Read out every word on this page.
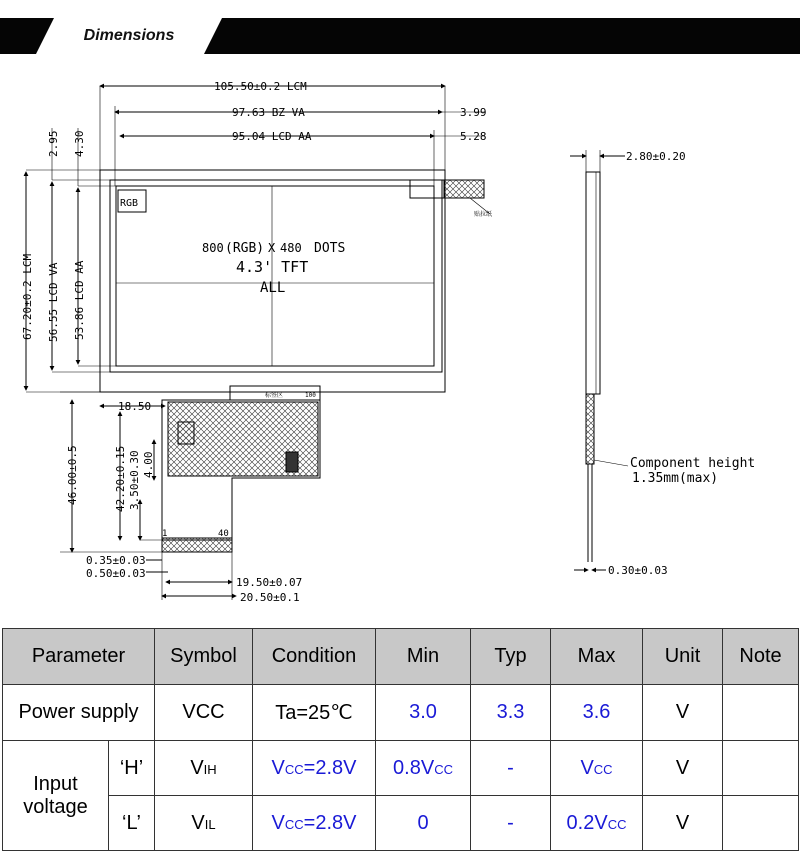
Dimensions
105.50±0.2 LCM
97.63 BZ VA	3.99
95.04 LCD AA	5.28
2.95 4.30
67.20±0.2 LCM 56.55 LCD VA 53.86 LCD AA
RGB
800 (RGB) X 480 DOTS
4.3' TFT
ALL
贴拉纸
标签区	100
18.50
46.00±0.5	42.20±0.15 3.50±0.30 4.00
1	40
0.35±0.03
0.50±0.03
19.50±0.07
20.50±0.1
2.80±0.20
Component height
1.35mm(max)
0.30±0.03
Parameter		Symbol	Condition	Min	Typ	Max	Unit	Note
Power supply		VCC	Ta=25℃	3.0	3.3	3.6	V	
Input
voltage	‘H’	VIH	VCC=2.8V	0.8VCC	-	VCC	V	
	‘L’	VIL	VCC=2.8V	0	-	0.2VCC	V	
